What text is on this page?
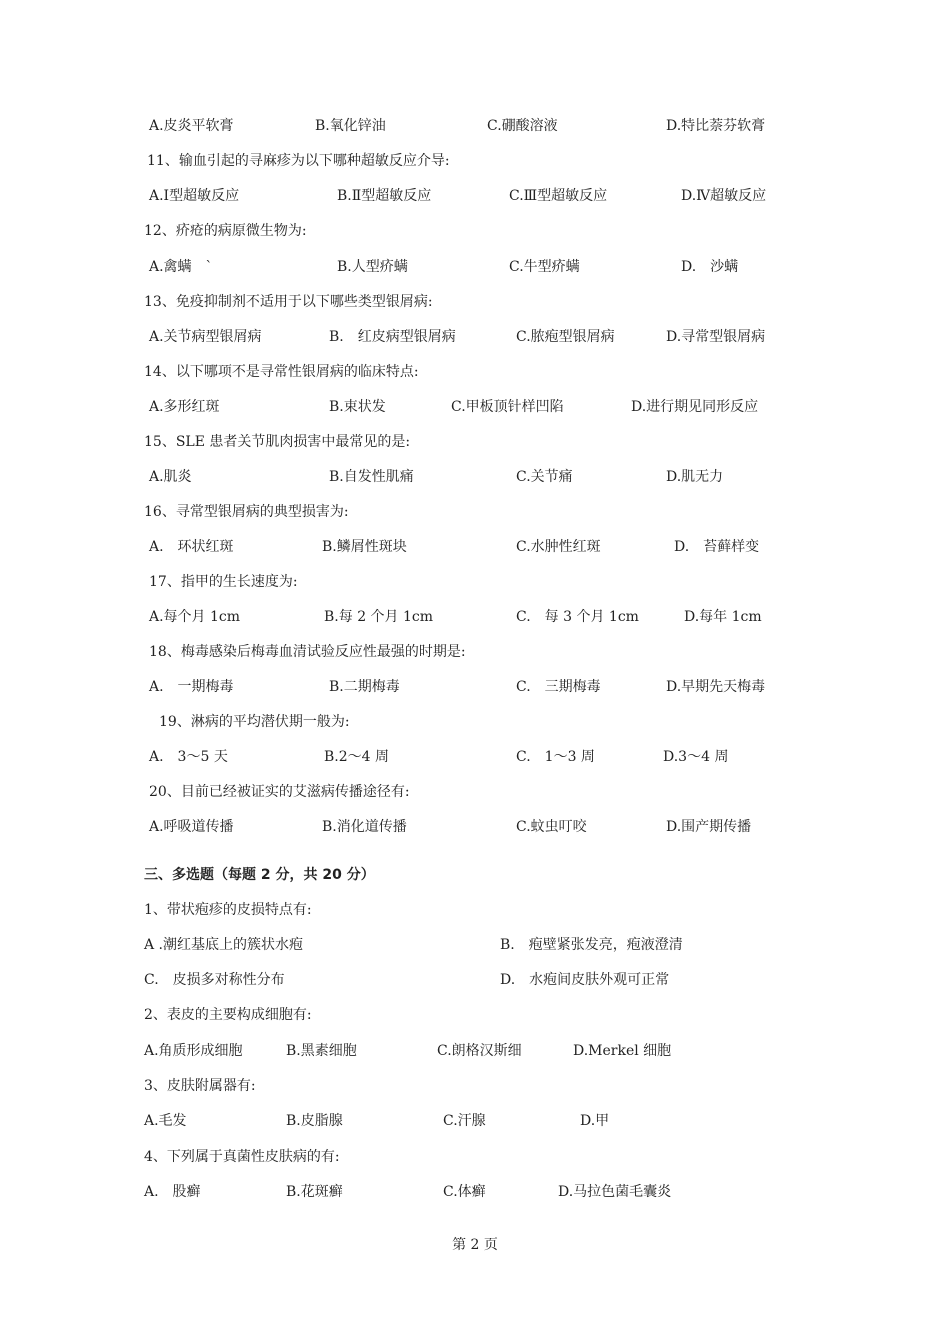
A.皮炎平软膏	B.氧化锌油	C.硼酸溶液	D.特比萘芬软膏
11、输血引起的寻麻疹为以下哪种超敏反应介导:
A.Ⅰ型超敏反应	B.Ⅱ型超敏反应	C.Ⅲ型超敏反应	D.Ⅳ超敏反应
12、疥疮的病原微生物为:
A.禽螨　`	B.人型疥螨	C.牛型疥螨	D.　沙螨
13、免疫抑制剂不适用于以下哪些类型银屑病:
A.关节病型银屑病	B.　红皮病型银屑病	C.脓疱型银屑病	D.寻常型银屑病
14、以下哪项不是寻常性银屑病的临床特点:
A.多形红斑	B.束状发	C.甲板顶针样凹陷	D.进行期见同形反应
15、SLE 患者关节肌肉损害中最常见的是:
A.肌炎	B.自发性肌痛	C.关节痛	D.肌无力
16、寻常型银屑病的典型损害为:
A.　环状红斑	B.鳞屑性斑块	C.水肿性红斑	D.　苔藓样变
17、指甲的生长速度为:
A.每个月 1cm	B.每 2 个月 1cm	C.　每 3 个月 1cm	D.每年 1cm
18、梅毒感染后梅毒血清试验反应性最强的时期是:
A.　一期梅毒	B.二期梅毒	C.　三期梅毒	D.早期先天梅毒
19、淋病的平均潜伏期一般为:
A.　3～5 天	B.2～4 周	C.　1～3 周	D.3～4 周
20、目前已经被证实的艾滋病传播途径有:
A.呼吸道传播	B.消化道传播	C.蚊虫叮咬	D.围产期传播
三、多选题（每题 2 分，共 20 分）
1、带状疱疹的皮损特点有:
A .潮红基底上的簇状水疱	B.　疱壁紧张发亮，疱液澄清
C.　皮损多对称性分布	D.　水疱间皮肤外观可正常
2、表皮的主要构成细胞有:
A.角质形成细胞	B.黑素细胞	C.朗格汉斯细	D.Merkel 细胞
3、皮肤附属器有:
A.毛发	B.皮脂腺	C.汗腺	D.甲
4、下列属于真菌性皮肤病的有:
A.　股癣	B.花斑癣	C.体癣	D.马拉色菌毛囊炎
第 2 页
